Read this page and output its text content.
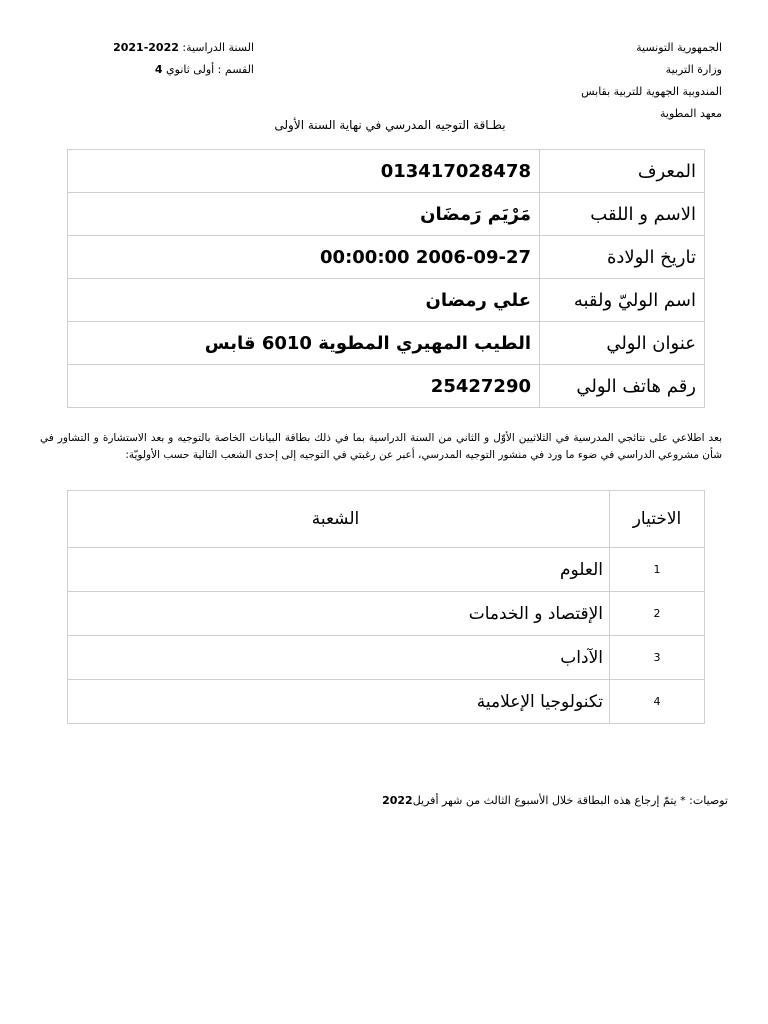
الجمهورية التونسية
وزارة التربية
المندوبية الجهوية للتربية بقابس
معهد المطوية
السنة الدراسية: 2021-2022
القسم : أولى ثانوي 4
بطـاقة التوجيه المدرسي في نهاية السنة الأولى
المعرف	013417028478
الاسم و اللقب	مَرْيَم رَمضَان
تاريخ الولادة	2006-09-27 00:00:00
اسم الوليّ ولقبه	علي رمضان
عنوان الولي	الطيب المهيري المطوية 6010 قابس
رقم هاتف الولي	25427290
بعد اطلاعي على نتائجي المدرسية في الثلاثيين الأوّل و الثاني من السنة الدراسية بما في ذلك بطاقة البيانات الخاصة بالتوجيه و بعد الاستشارة و التشاور في شأن مشروعي الدراسي في ضوء ما ورد في منشور التوجيه المدرسي، أعبر عن رغبتي في التوجيه إلى إحدى الشعب التالية حسب الأولويّة:
الاختيار	الشعبة
1	العلوم
2	الإقتصاد و الخدمات
3	الآداب
4	تكنولوجيا الإعلامية
توصيات: * يتمّ إرجاع هذه البطاقة خلال الأسبوع الثالث من شهر أفريل2022
